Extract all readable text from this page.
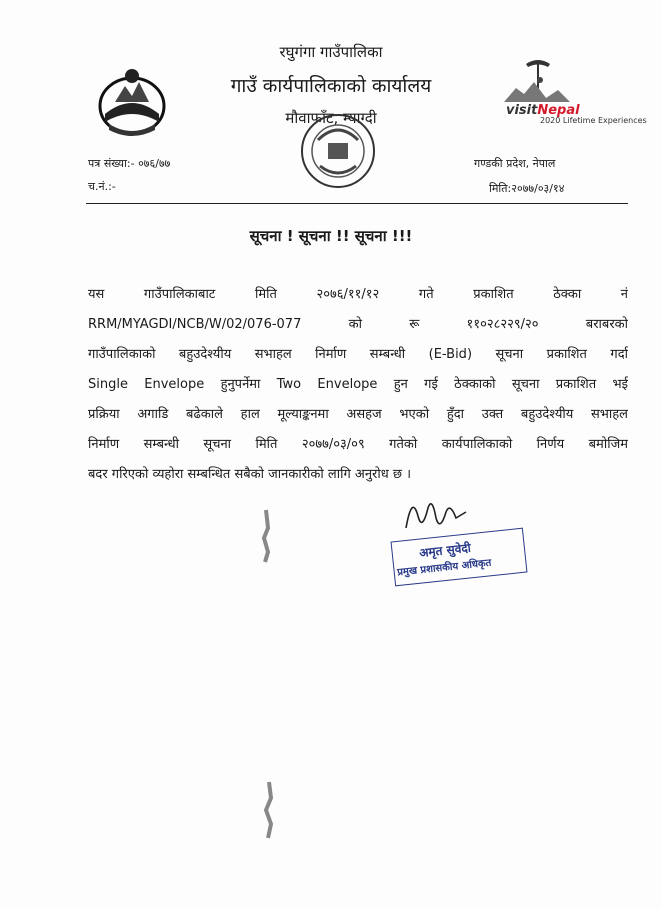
रघुगंगा गाउँपालिका
गाउँ कार्यपालिकाको कार्यालय
मौवाफाँट, म्याग्दी	visitNepal
2020 Lifetime Experiences
पत्र संख्या:- ०७६/७७
च.नं.:-
गण्डकी प्रदेश, नेपाल
मिति:२०७७/०३/१४
सूचना ! सूचना !! सूचना !!!
यस गाउँपालिकाबाट मिति २०७६/११/१२ गते प्रकाशित ठेक्का नं
RRM/MYAGDI/NCB/W/02/076-077 को रू ११०२८२२९/२० बराबरको
गाउँपालिकाको बहुउदेश्यीय सभाहल निर्माण सम्बन्धी (E-Bid) सूचना प्रकाशित गर्दा
Single Envelope हुनुपर्नेमा Two Envelope हुन गई ठेक्काको सूचना प्रकाशित भई
प्रक्रिया अगाडि बढेकाले हाल मूल्याङ्कनमा असहज भएको हुँदा उक्त बहुउदेश्यीय सभाहल
निर्माण सम्बन्धी सूचना मिति २०७७/०३/०९ गतेको कार्यपालिकाको निर्णय बमोजिम
बदर गरिएको व्यहोरा सम्बन्धित सबैको जानकारीको लागि अनुरोध छ ।
अमृत सुवेदी
प्रमुख प्रशासकीय अधिकृत
